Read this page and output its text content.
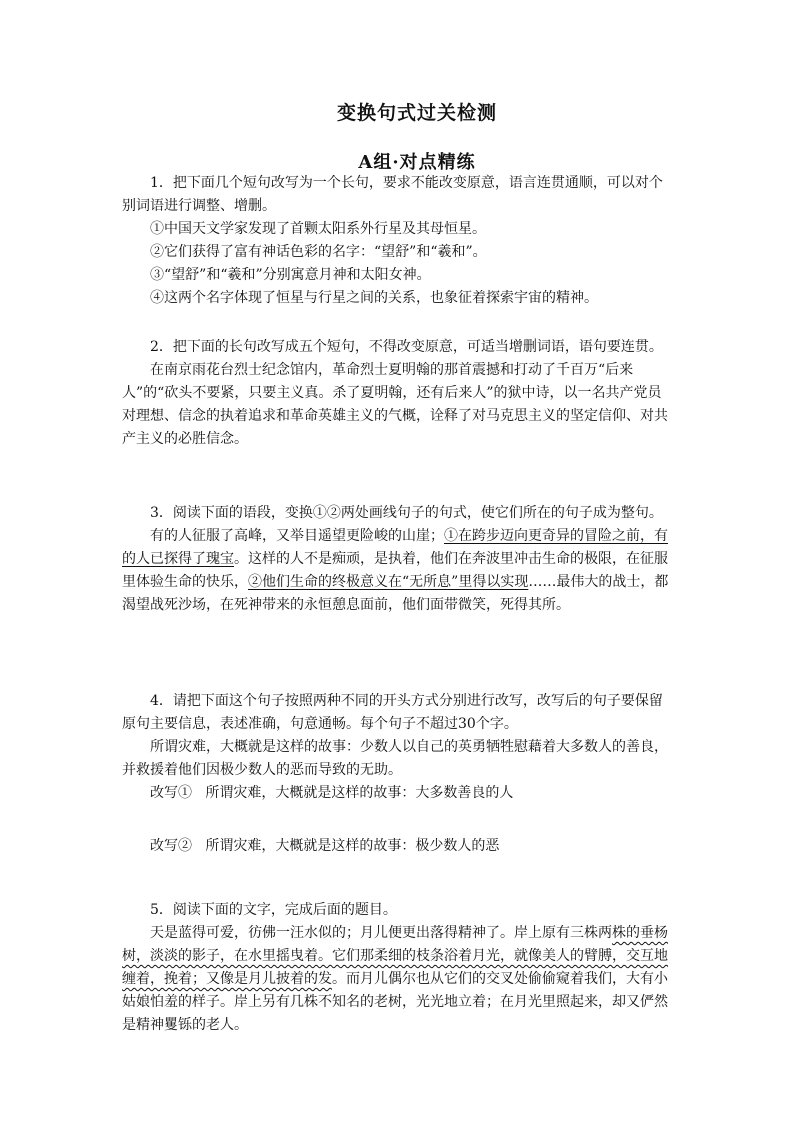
变换句式过关检测
A组·对点精练

1．把下面几个短句改写为一个长句，要求不能改变原意，语言连贯通顺，可以对个别词语进行调整、增删。

①中国天文学家发现了首颗太阳系外行星及其母恒星。

②它们获得了富有神话色彩的名字：“望舒”和“羲和”。

③“望舒”和“羲和”分别寓意月神和太阳女神。

④这两个名字体现了恒星与行星之间的关系，也象征着探索宇宙的精神。

2．把下面的长句改写成五个短句，不得改变原意，可适当增删词语，语句要连贯。

在南京雨花台烈士纪念馆内，革命烈士夏明翰的那首震撼和打动了千百万“后来人”的“砍头不要紧，只要主义真。杀了夏明翰，还有后来人”的狱中诗，以一名共产党员对理想、信念的执着追求和革命英雄主义的气概，诠释了对马克思主义的坚定信仰、对共产主义的必胜信念。

3．阅读下面的语段，变换①②两处画线句子的句式，使它们所在的句子成为整句。

有的人征服了高峰，又举目遥望更险峻的山崖；①在跨步迈向更奇异的冒险之前，有的人已探得了瑰宝。这样的人不是痴顽，是执着，他们在奔波里冲击生命的极限，在征服里体验生命的快乐，②他们生命的终极意义在“无所息”里得以实现……最伟大的战士，都渴望战死沙场，在死神带来的永恒憩息面前，他们面带微笑，死得其所。

4．请把下面这个句子按照两种不同的开头方式分别进行改写，改写后的句子要保留原句主要信息，表述准确，句意通畅。每个句子不超过30个字。

所谓灾难，大概就是这样的故事：少数人以自己的英勇牺牲慰藉着大多数人的善良，并救援着他们因极少数人的恶而导致的无助。

改写① 所谓灾难，大概就是这样的故事：大多数善良的人

改写② 所谓灾难，大概就是这样的故事：极少数人的恶

5．阅读下面的文字，完成后面的题目。

天是蓝得可爱，彷佛一汪水似的；月儿便更出落得精神了。岸上原有三株两株的垂杨树，淡淡的影子，在水里摇曳着。它们那柔细的枝条浴着月光，就像美人的臂膊，交互地缠着，挽着；又像是月儿披着的发。而月儿偶尔也从它们的交叉处偷偷窥着我们，大有小姑娘怕羞的样子。岸上另有几株不知名的老树，光光地立着；在月光里照起来，却又俨然是精神矍铄的老人。
